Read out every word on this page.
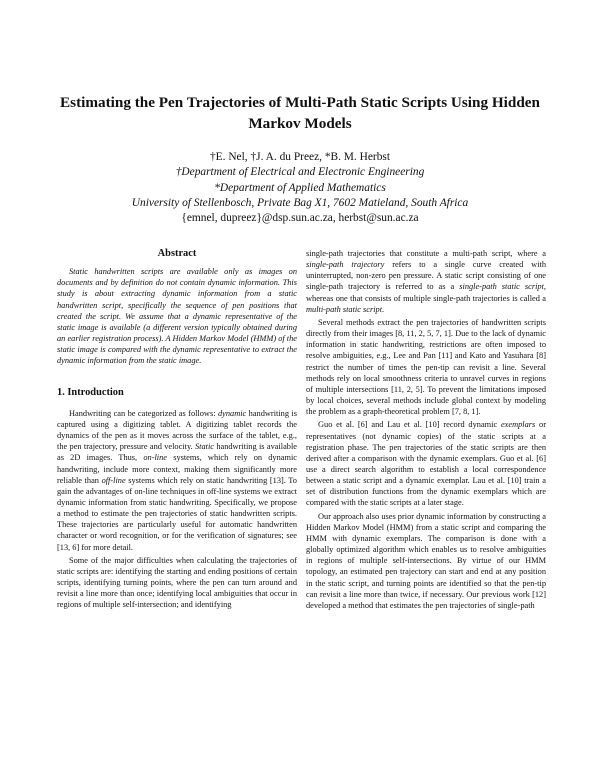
Estimating the Pen Trajectories of Multi-Path Static Scripts Using Hidden Markov Models
†E. Nel, †J. A. du Preez, *B. M. Herbst
†Department of Electrical and Electronic Engineering
*Department of Applied Mathematics
University of Stellenbosch, Private Bag X1, 7602 Matieland, South Africa
{emnel, dupreez}@dsp.sun.ac.za, herbst@sun.ac.za
Abstract

Static handwritten scripts are available only as images on documents and by definition do not contain dynamic information. This study is about extracting dynamic information from a static handwritten script, specifically the sequence of pen positions that created the script. We assume that a dynamic representative of the static image is available (a different version typically obtained during an earlier registration process). A Hidden Markov Model (HMM) of the static image is compared with the dynamic representative to extract the dynamic information from the static image.

1. Introduction

Handwriting can be categorized as follows: dynamic handwriting is captured using a digitizing tablet. A digitizing tablet records the dynamics of the pen as it moves across the surface of the tablet, e.g., the pen trajectory, pressure and velocity. Static handwriting is available as 2D images. Thus, on-line systems, which rely on dynamic handwriting, include more context, making them significantly more reliable than off-line systems which rely on static handwriting [13]. To gain the advantages of on-line techniques in off-line systems we extract dynamic information from static handwriting. Specifically, we propose a method to estimate the pen trajectories of static handwritten scripts. These trajectories are particularly useful for automatic handwritten character or word recognition, or for the verification of signatures; see [13, 6] for more detail.

Some of the major difficulties when calculating the trajectories of static scripts are: identifying the starting and ending positions of certain scripts, identifying turning points, where the pen can turn around and revisit a line more than once; identifying local ambiguities that occur in regions of multiple self-intersection; and identifying

single-path trajectories that constitute a multi-path script, where a single-path trajectory refers to a single curve created with uninterrupted, non-zero pen pressure. A static script consisting of one single-path trajectory is referred to as a single-path static script, whereas one that consists of multiple single-path trajectories is called a multi-path static script.

Several methods extract the pen trajectories of handwritten scripts directly from their images [8, 11, 2, 5, 7, 1]. Due to the lack of dynamic information in static handwriting, restrictions are often imposed to resolve ambiguities, e.g., Lee and Pan [11] and Kato and Yasuhara [8] restrict the number of times the pen-tip can revisit a line. Several methods rely on local smoothness criteria to unravel curves in regions of multiple intersections [11, 2, 5]. To prevent the limitations imposed by local choices, several methods include global context by modeling the problem as a graph-theoretical problem [7, 8, 1].

Guo et al. [6] and Lau et al. [10] record dynamic exemplars or representatives (not dynamic copies) of the static scripts at a registration phase. The pen trajectories of the static scripts are then derived after a comparison with the dynamic exemplars. Guo et al. [6] use a direct search algorithm to establish a local correspondence between a static script and a dynamic exemplar. Lau et al. [10] train a set of distribution functions from the dynamic exemplars which are compared with the static scripts at a later stage.

Our approach also uses prior dynamic information by constructing a Hidden Markov Model (HMM) from a static script and comparing the HMM with dynamic exemplars. The comparison is done with a globally optimized algorithm which enables us to resolve ambiguities in regions of multiple self-intersections. By virtue of our HMM topology, an estimated pen trajectory can start and end at any position in the static script, and turning points are identified so that the pen-tip can revisit a line more than twice, if necessary. Our previous work [12] developed a method that estimates the pen trajectories of single-path
